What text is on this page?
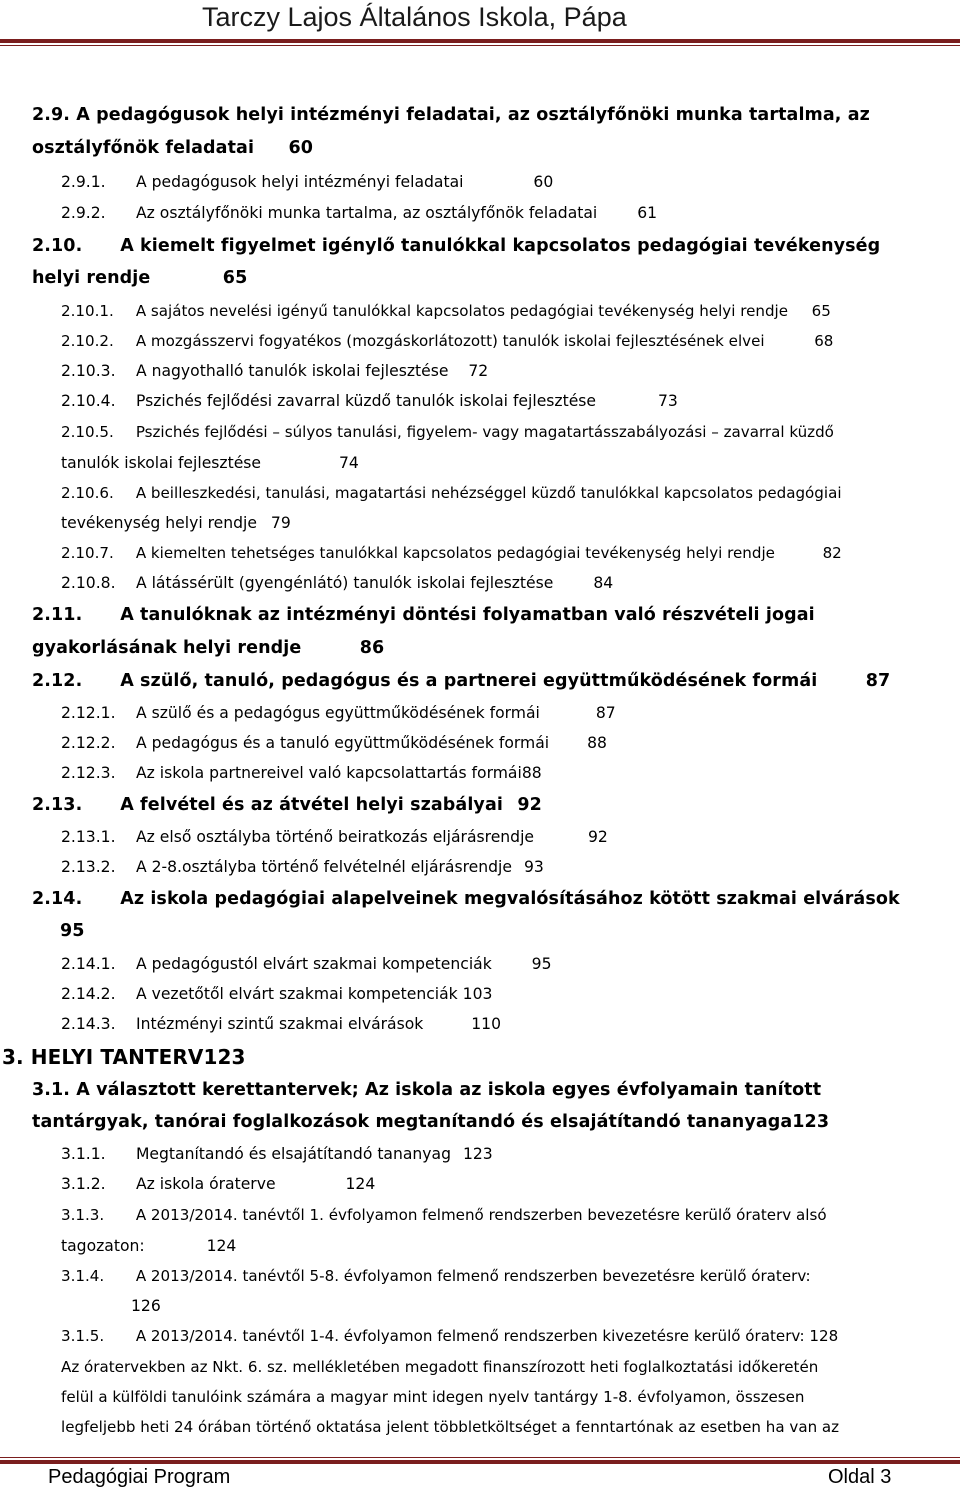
Tarczy Lajos Általános Iskola, Pápa
2.9. A pedagógusok helyi intézményi feladatai, az osztályfőnöki munka tartalma, az
osztályfőnök feladatai 60
2.9.1. A pedagógusok helyi intézményi feladatai	60
2.9.2. Az osztályfőnöki munka tartalma, az osztályfőnök feladatai	61
2.10. A kiemelt figyelmet igénylő tanulókkal kapcsolatos pedagógiai tevékenység
helyi rendje	65
2.10.1. A sajátos nevelési igényű tanulókkal kapcsolatos pedagógiai tevékenység helyi rendje 65
2.10.2. A mozgásszervi fogyatékos (mozgáskorlátozott) tanulók iskolai fejlesztésének elvei	68
2.10.3. A nagyothalló tanulók iskolai fejlesztése 72
2.10.4. Pszichés fejlődési zavarral küzdő tanulók iskolai fejlesztése	73
2.10.5. Pszichés fejlődési – súlyos tanulási, figyelem- vagy magatartásszabályozási – zavarral küzdő
tanulók iskolai fejlesztése	74
2.10.6. A beilleszkedési, tanulási, magatartási nehézséggel küzdő tanulókkal kapcsolatos pedagógiai
tevékenység helyi rendje 79
2.10.7. A kiemelten tehetséges tanulókkal kapcsolatos pedagógiai tevékenység helyi rendje	82
2.10.8. A látássérült (gyengénlátó) tanulók iskolai fejlesztése	84
2.11. A tanulóknak az intézményi döntési folyamatban való részvételi jogai
gyakorlásának helyi rendje	86
2.12. A szülő, tanuló, pedagógus és a partnerei együttműködésének formái	87
2.12.1. A szülő és a pedagógus együttműködésének formái	87
2.12.2. A pedagógus és a tanuló együttműködésének formái 88
2.12.3. Az iskola partnereivel való kapcsolattartás formái88
2.13. A felvétel és az átvétel helyi szabályai 92
2.13.1. Az első osztályba történő beiratkozás eljárásrendje	92
2.13.2. A 2-8.osztályba történő felvételnél eljárásrendje 93
2.14. Az iskola pedagógiai alapelveinek megvalósításához kötött szakmai elvárások
95
2.14.1. A pedagógustól elvárt szakmai kompetenciák	95
2.14.2. A vezetőtől elvárt szakmai kompetenciák 103
2.14.3. Intézményi szintű szakmai elvárások	110
3. HELYI TANTERV123
3.1. A választott kerettantervek; Az iskola az iskola egyes évfolyamain tanított
tantárgyak, tanórai foglalkozások megtanítandó és elsajátítandó tananyaga123
3.1.1. Megtanítandó és elsajátítandó tananyag 123
3.1.2. Az iskola óraterve	124
3.1.3. A 2013/2014. tanévtől 1. évfolyamon felmenő rendszerben bevezetésre kerülő óraterv alsó
tagozaton:	124
3.1.4. A 2013/2014. tanévtől 5-8. évfolyamon felmenő rendszerben bevezetésre kerülő óraterv:
126
3.1.5. A 2013/2014. tanévtől 1-4. évfolyamon felmenő rendszerben kivezetésre kerülő óraterv: 128
Az óratervekben az Nkt. 6. sz. mellékletében megadott finanszírozott heti foglalkoztatási időkeretén
felül a külföldi tanulóink számára a magyar mint idegen nyelv tantárgy 1-8. évfolyamon, összesen
legfeljebb heti 24 órában történő oktatása jelent többletköltséget a fenntartónak az esetben ha van az
Pedagógiai Program	Oldal 3
